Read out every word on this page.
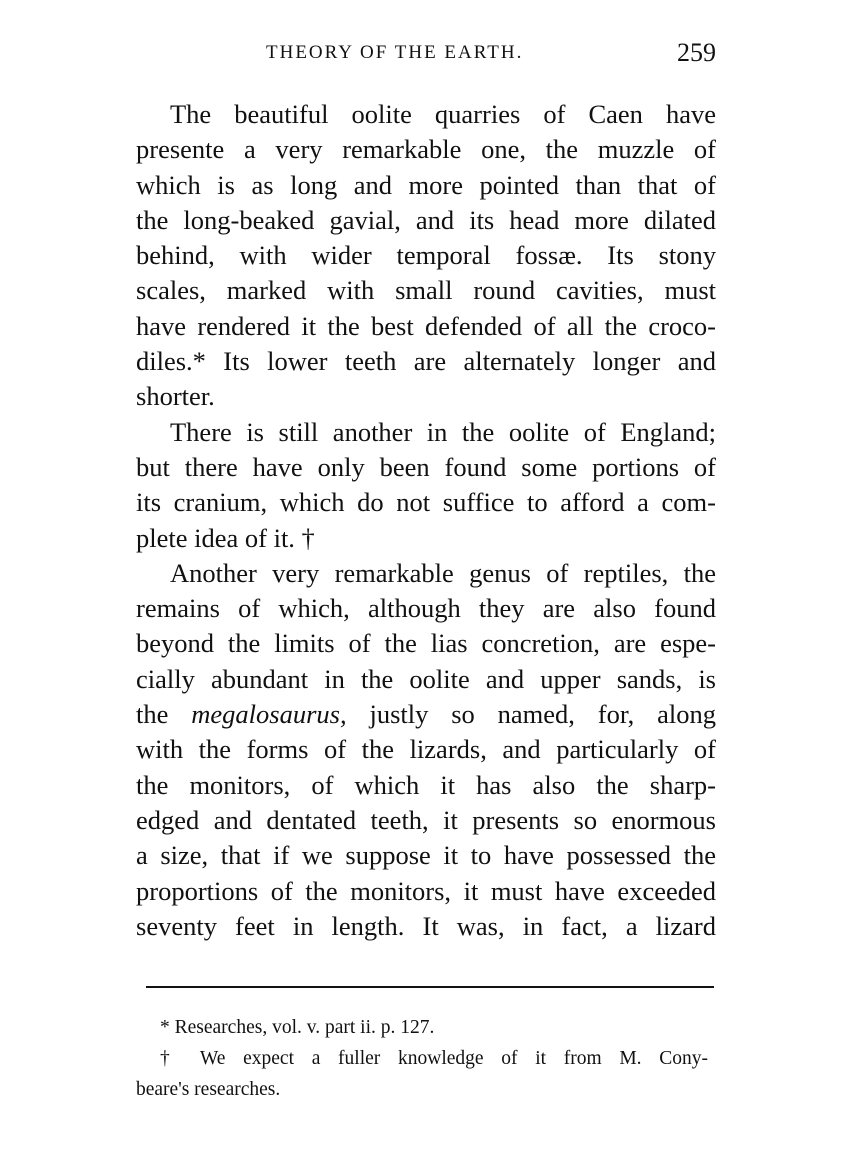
THEORY OF THE EARTH.	259
The beautiful oolite quarries of Caen have
presente a very remarkable one, the muzzle of
which is as long and more pointed than that of
the long-beaked gavial, and its head more dilated
behind, with wider temporal fossæ. Its stony
scales, marked with small round cavities, must
have rendered it the best defended of all the croco-
diles.* Its lower teeth are alternately longer and
shorter.
There is still another in the oolite of England;
but there have only been found some portions of
its cranium, which do not suffice to afford a com-
plete idea of it. †
Another very remarkable genus of reptiles, the
remains of which, although they are also found
beyond the limits of the lias concretion, are espe-
cially abundant in the oolite and upper sands, is
the megalosaurus, justly so named, for, along
with the forms of the lizards, and particularly of
the monitors, of which it has also the sharp-
edged and dentated teeth, it presents so enormous
a size, that if we suppose it to have possessed the
proportions of the monitors, it must have exceeded
seventy feet in length. It was, in fact, a lizard
* Researches, vol. v. part ii. p. 127.
† We expect a fuller knowledge of it from M. Cony-
beare's researches.
